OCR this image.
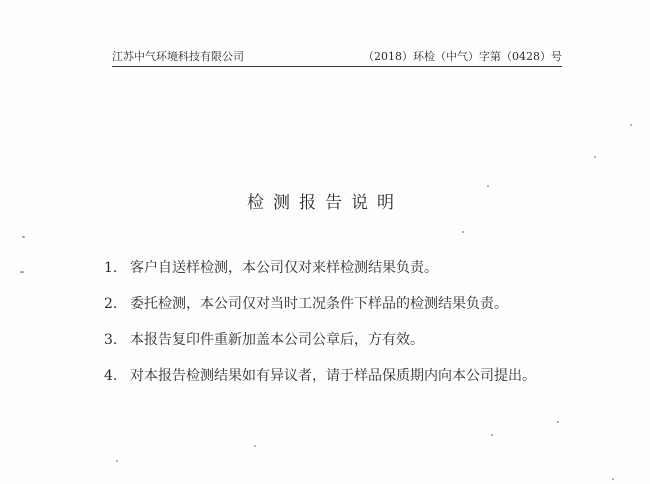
江苏中气环境科技有限公司	（2018）环检（中气）字第（0428）号
检测报告说明
1. 客户自送样检测，本公司仅对来样检测结果负责。
2. 委托检测，本公司仅对当时工况条件下样品的检测结果负责。
3. 本报告复印件重新加盖本公司公章后，方有效。
4. 对本报告检测结果如有异议者，请于样品保质期内向本公司提出。
